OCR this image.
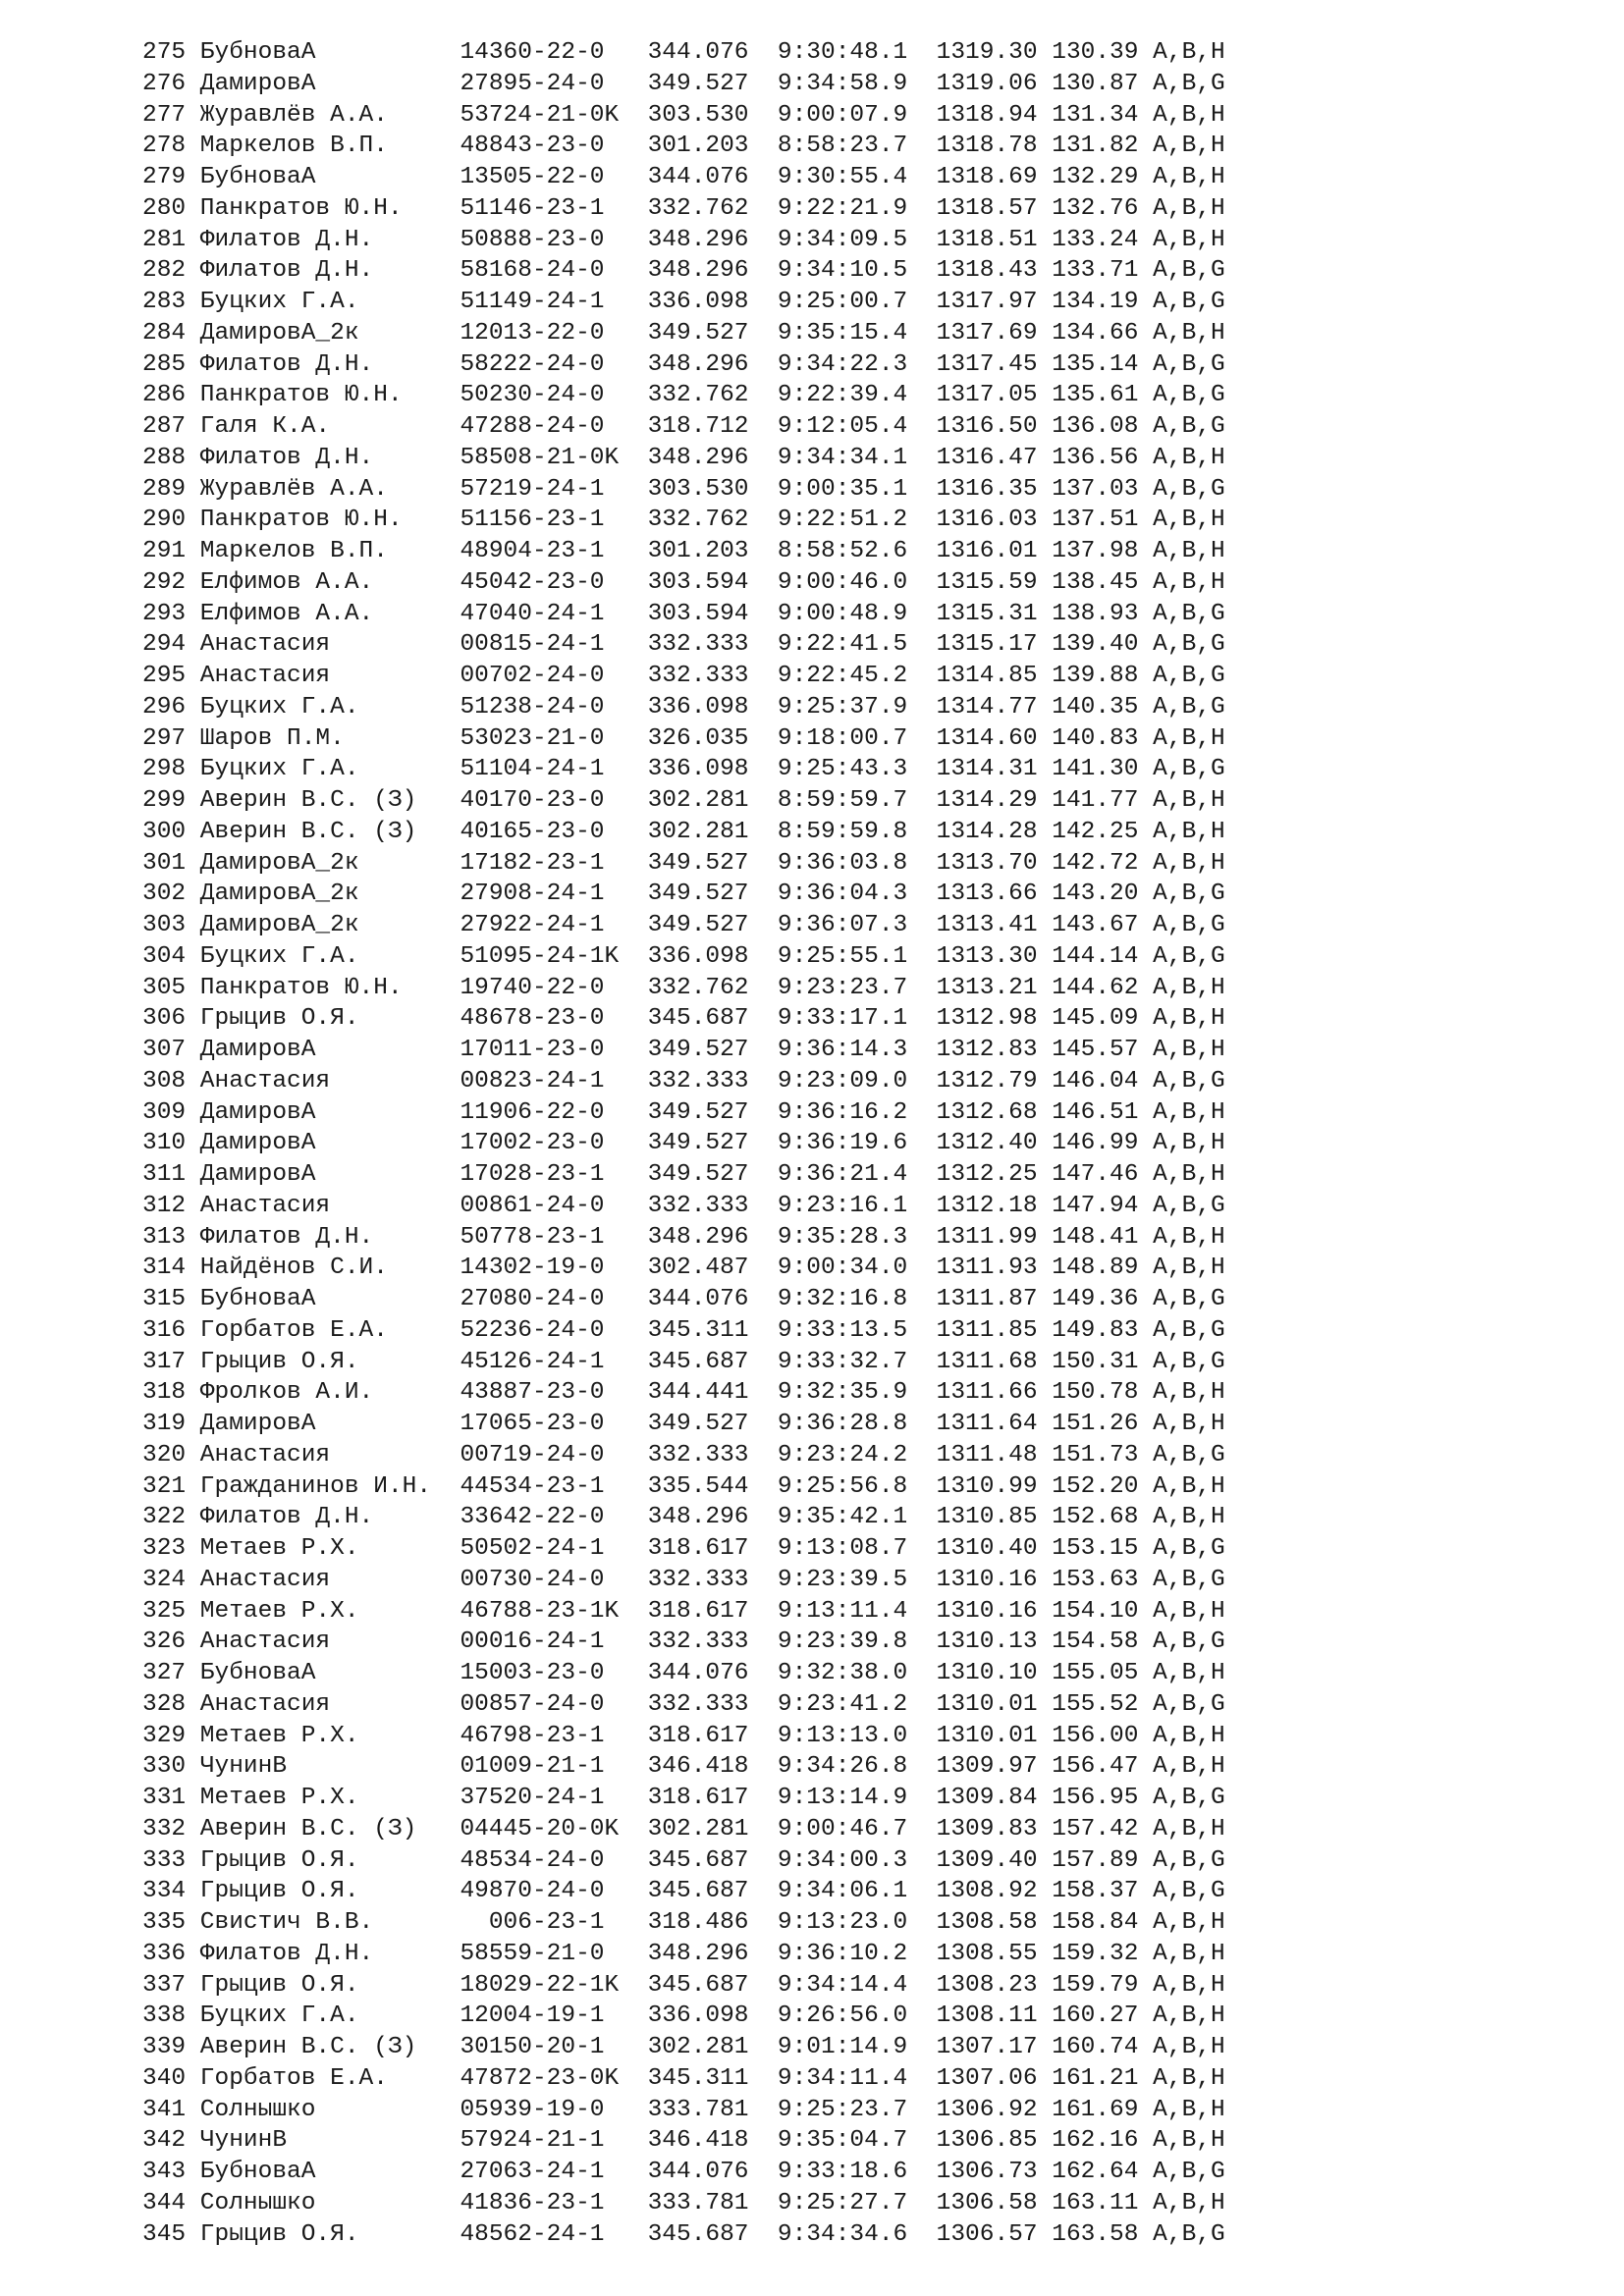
275 БубноваА          14360-22-0   344.076  9:30:48.1  1319.30 130.39 A,B,H
276 ДамировА          27895-24-0   349.527  9:34:58.9  1319.06 130.87 A,B,G
277 Журавлёв А.А.     53724-21-0K  303.530  9:00:07.9  1318.94 131.34 A,B,H
278 Маркелов В.П.     48843-23-0   301.203  8:58:23.7  1318.78 131.82 A,B,H
279 БубноваА          13505-22-0   344.076  9:30:55.4  1318.69 132.29 A,B,H
280 Панкратов Ю.Н.    51146-23-1   332.762  9:22:21.9  1318.57 132.76 A,B,H
281 Филатов Д.Н.      50888-23-0   348.296  9:34:09.5  1318.51 133.24 A,B,H
282 Филатов Д.Н.      58168-24-0   348.296  9:34:10.5  1318.43 133.71 A,B,G
283 Буцких Г.А.       51149-24-1   336.098  9:25:00.7  1317.97 134.19 A,B,G
284 ДамировА_2к       12013-22-0   349.527  9:35:15.4  1317.69 134.66 A,B,H
285 Филатов Д.Н.      58222-24-0   348.296  9:34:22.3  1317.45 135.14 A,B,G
286 Панкратов Ю.Н.    50230-24-0   332.762  9:22:39.4  1317.05 135.61 A,B,G
287 Галя К.А.         47288-24-0   318.712  9:12:05.4  1316.50 136.08 A,B,G
288 Филатов Д.Н.      58508-21-0K  348.296  9:34:34.1  1316.47 136.56 A,B,H
289 Журавлёв А.А.     57219-24-1   303.530  9:00:35.1  1316.35 137.03 A,B,G
290 Панкратов Ю.Н.    51156-23-1   332.762  9:22:51.2  1316.03 137.51 A,B,H
291 Маркелов В.П.     48904-23-1   301.203  8:58:52.6  1316.01 137.98 A,B,H
292 Елфимов А.А.      45042-23-0   303.594  9:00:46.0  1315.59 138.45 A,B,H
293 Елфимов А.А.      47040-24-1   303.594  9:00:48.9  1315.31 138.93 A,B,G
294 Анастасия         00815-24-1   332.333  9:22:41.5  1315.17 139.40 A,B,G
295 Анастасия         00702-24-0   332.333  9:22:45.2  1314.85 139.88 A,B,G
296 Буцких Г.А.       51238-24-0   336.098  9:25:37.9  1314.77 140.35 A,B,G
297 Шаров П.М.        53023-21-0   326.035  9:18:00.7  1314.60 140.83 A,B,H
298 Буцких Г.А.       51104-24-1   336.098  9:25:43.3  1314.31 141.30 A,B,G
299 Аверин В.С. (З)   40170-23-0   302.281  8:59:59.7  1314.29 141.77 A,B,H
300 Аверин В.С. (З)   40165-23-0   302.281  8:59:59.8  1314.28 142.25 A,B,H
301 ДамировА_2к       17182-23-1   349.527  9:36:03.8  1313.70 142.72 A,B,H
302 ДамировА_2к       27908-24-1   349.527  9:36:04.3  1313.66 143.20 A,B,G
303 ДамировА_2к       27922-24-1   349.527  9:36:07.3  1313.41 143.67 A,B,G
304 Буцких Г.А.       51095-24-1K  336.098  9:25:55.1  1313.30 144.14 A,B,G
305 Панкратов Ю.Н.    19740-22-0   332.762  9:23:23.7  1313.21 144.62 A,B,H
306 Грыцив О.Я.       48678-23-0   345.687  9:33:17.1  1312.98 145.09 A,B,H
307 ДамировА          17011-23-0   349.527  9:36:14.3  1312.83 145.57 A,B,H
308 Анастасия         00823-24-1   332.333  9:23:09.0  1312.79 146.04 A,B,G
309 ДамировА          11906-22-0   349.527  9:36:16.2  1312.68 146.51 A,B,H
310 ДамировА          17002-23-0   349.527  9:36:19.6  1312.40 146.99 A,B,H
311 ДамировА          17028-23-1   349.527  9:36:21.4  1312.25 147.46 A,B,H
312 Анастасия         00861-24-0   332.333  9:23:16.1  1312.18 147.94 A,B,G
313 Филатов Д.Н.      50778-23-1   348.296  9:35:28.3  1311.99 148.41 A,B,H
314 Найдёнов С.И.     14302-19-0   302.487  9:00:34.0  1311.93 148.89 A,B,H
315 БубноваА          27080-24-0   344.076  9:32:16.8  1311.87 149.36 A,B,G
316 Горбатов Е.А.     52236-24-0   345.311  9:33:13.5  1311.85 149.83 A,B,G
317 Грыцив О.Я.       45126-24-1   345.687  9:33:32.7  1311.68 150.31 A,B,G
318 Фролков А.И.      43887-23-0   344.441  9:32:35.9  1311.66 150.78 A,B,H
319 ДамировА          17065-23-0   349.527  9:36:28.8  1311.64 151.26 A,B,H
320 Анастасия         00719-24-0   332.333  9:23:24.2  1311.48 151.73 A,B,G
321 Гражданинов И.Н.  44534-23-1   335.544  9:25:56.8  1310.99 152.20 A,B,H
322 Филатов Д.Н.      33642-22-0   348.296  9:35:42.1  1310.85 152.68 A,B,H
323 Метаев Р.Х.       50502-24-1   318.617  9:13:08.7  1310.40 153.15 A,B,G
324 Анастасия         00730-24-0   332.333  9:23:39.5  1310.16 153.63 A,B,G
325 Метаев Р.Х.       46788-23-1K  318.617  9:13:11.4  1310.16 154.10 A,B,H
326 Анастасия         00016-24-1   332.333  9:23:39.8  1310.13 154.58 A,B,G
327 БубноваА          15003-23-0   344.076  9:32:38.0  1310.10 155.05 A,B,H
328 Анастасия         00857-24-0   332.333  9:23:41.2  1310.01 155.52 A,B,G
329 Метаев Р.Х.       46798-23-1   318.617  9:13:13.0  1310.01 156.00 A,B,H
330 ЧунинВ            01009-21-1   346.418  9:34:26.8  1309.97 156.47 A,B,H
331 Метаев Р.Х.       37520-24-1   318.617  9:13:14.9  1309.84 156.95 A,B,G
332 Аверин В.С. (З)   04445-20-0K  302.281  9:00:46.7  1309.83 157.42 A,B,H
333 Грыцив О.Я.       48534-24-0   345.687  9:34:00.3  1309.40 157.89 A,B,G
334 Грыцив О.Я.       49870-24-0   345.687  9:34:06.1  1308.92 158.37 A,B,G
335 Свистич В.В.        006-23-1   318.486  9:13:23.0  1308.58 158.84 A,B,H
336 Филатов Д.Н.      58559-21-0   348.296  9:36:10.2  1308.55 159.32 A,B,H
337 Грыцив О.Я.       18029-22-1K  345.687  9:34:14.4  1308.23 159.79 A,B,H
338 Буцких Г.А.       12004-19-1   336.098  9:26:56.0  1308.11 160.27 A,B,H
339 Аверин В.С. (З)   30150-20-1   302.281  9:01:14.9  1307.17 160.74 A,B,H
340 Горбатов Е.А.     47872-23-0K  345.311  9:34:11.4  1307.06 161.21 A,B,H
341 Солнышко          05939-19-0   333.781  9:25:23.7  1306.92 161.69 A,B,H
342 ЧунинВ            57924-21-1   346.418  9:35:04.7  1306.85 162.16 A,B,H
343 БубноваА          27063-24-1   344.076  9:33:18.6  1306.73 162.64 A,B,G
344 Солнышко          41836-23-1   333.781  9:25:27.7  1306.58 163.11 A,B,H
345 Грыцив О.Я.       48562-24-1   345.687  9:34:34.6  1306.57 163.58 A,B,G
